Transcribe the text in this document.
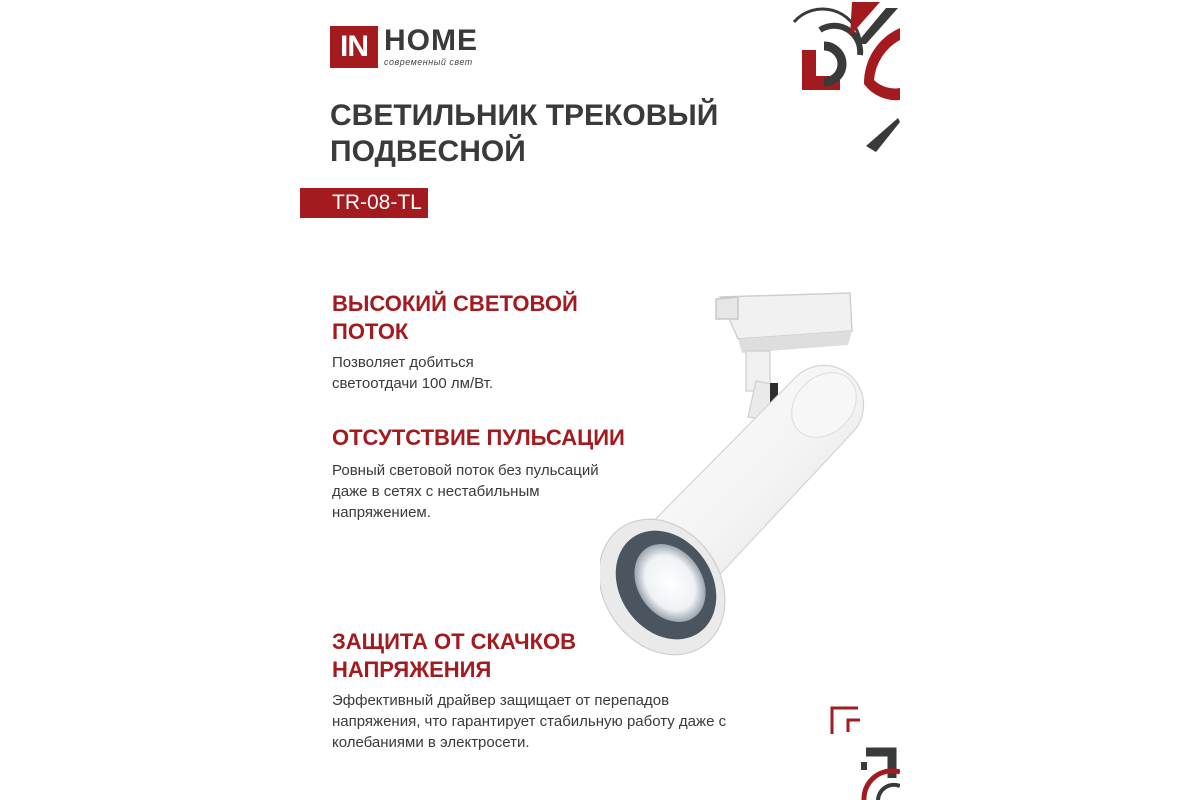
IN HOME
современный свет
СВЕТИЛЬНИК ТРЕКОВЫЙ ПОДВЕСНОЙ
TR-08-TL
ВЫСОКИЙ СВЕТОВОЙ ПОТОК

Позволяет добиться светоотдачи 100 лм/Вт.

ОТСУТСТВИЕ ПУЛЬСАЦИИ

Ровный световой поток без пульсаций даже в сетях с нестабильным напряжением.

ЗАЩИТА ОТ СКАЧКОВ НАПРЯЖЕНИЯ

Эффективный драйвер защищает от перепадов напряжения, что гарантирует стабильную работу даже с колебаниями в электросети.
